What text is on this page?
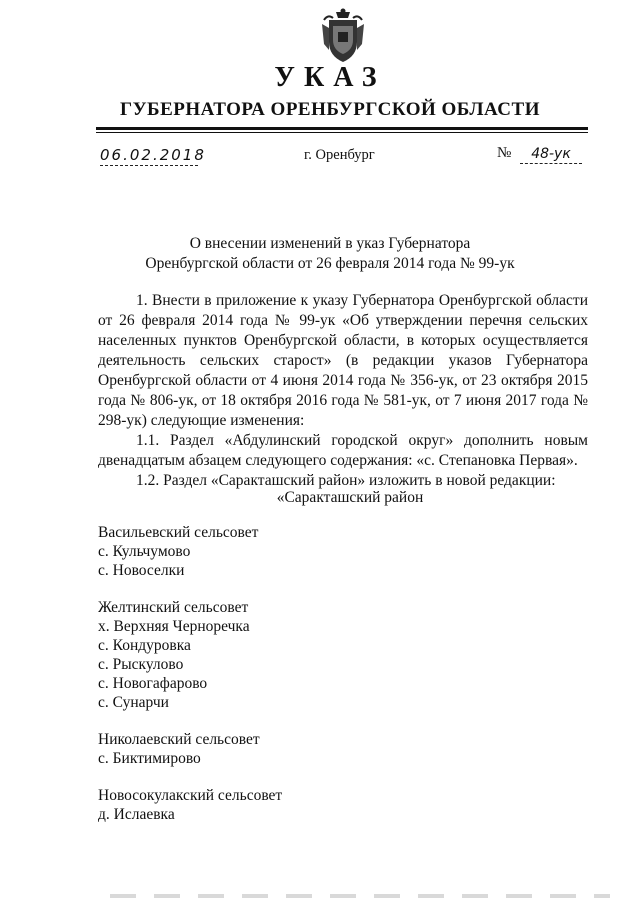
УКАЗ
ГУБЕРНАТОРА ОРЕНБУРГСКОЙ ОБЛАСТИ
06.02.2018	г. Оренбург	№	48-ук
О внесении изменений в указ Губернатора
Оренбургской области от 26 февраля 2014 года № 99-ук

1. Внести в приложение к указу Губернатора Оренбургской области от 26 февраля 2014 года № 99-ук «Об утверждении перечня сельских населенных пунктов Оренбургской области, в которых осуществляется деятельность сельских старост» (в редакции указов Губернатора Оренбургской области от 4 июня 2014 года № 356-ук, от 23 октября 2015 года № 806-ук, от 18 октября 2016 года № 581-ук, от 7 июня 2017 года № 298-ук) следующие изменения:

1.1. Раздел «Абдулинский городской округ» дополнить новым двенадцатым абзацем следующего содержания: «с. Степановка Первая».

1.2. Раздел «Саракташский район» изложить в новой редакции:

«Саракташский район
Васильевский сельсовет
с. Кульчумово
с. Новоселки
Желтинский сельсовет
х. Верхняя Черноречка
с. Кондуровка
с. Рыскулово
с. Новогафарово
с. Сунарчи
Николаевский сельсовет
с. Биктимирово
Новосокулакский сельсовет
д. Ислаевка
